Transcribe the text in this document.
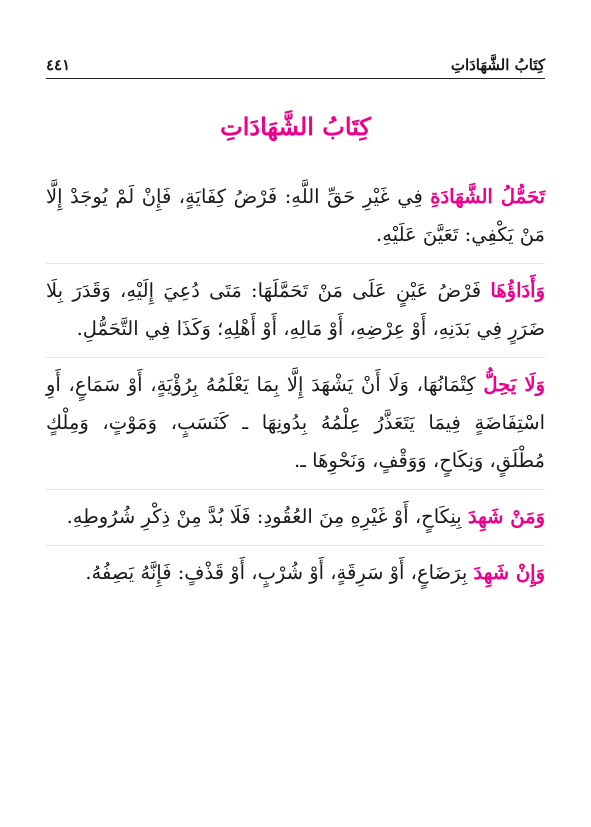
كِتَابُ الشَّهَادَاتِ
٤٤١
كِتَابُ الشَّهَادَاتِ

تَحَمُّلُ الشَّهَادَةِ فِي غَيْرِ حَقِّ اللَّهِ: فَرْضُ كِفَايَةٍ، فَإِنْ لَمْ يُوجَدْ إِلَّا مَنْ يَكْفِي: تَعَيَّنَ عَلَيْهِ.

وَأَدَاؤُهَا فَرْضُ عَيْنٍ عَلَى مَنْ تَحَمَّلَهَا: مَتَى دُعِيَ إِلَيْهِ، وَقَدَرَ بِلَا ضَرَرٍ فِي بَدَنِهِ، أَوْ عِرْضِهِ، أَوْ مَالِهِ، أَوْ أَهْلِهِ؛ وَكَذَا فِي التَّحَمُّلِ.

وَلَا يَحِلُّ كِتْمَانُهَا، وَلَا أَنْ يَشْهَدَ إِلَّا بِمَا يَعْلَمُهُ بِرُؤْيَةٍ، أَوْ سَمَاعٍ، أَوِ اسْتِفَاضَةٍ فِيمَا يَتَعَذَّرُ عِلْمُهُ بِدُونِهَا ـ كَنَسَبٍ، وَمَوْتٍ، وَمِلْكٍ مُطْلَقٍ، وَنِكَاحٍ، وَوَقْفٍ، وَنَحْوِهَا ـ.

وَمَنْ شَهِدَ بِنِكَاحٍ، أَوْ غَيْرِهِ مِنَ العُقُودِ: فَلَا بُدَّ مِنْ ذِكْرِ شُرُوطِهِ.

وَإِنْ شَهِدَ بِرَضَاعٍ، أَوْ سَرِقَةٍ، أَوْ شُرْبٍ، أَوْ قَذْفٍ: فَإِنَّهُ يَصِفُهُ.
